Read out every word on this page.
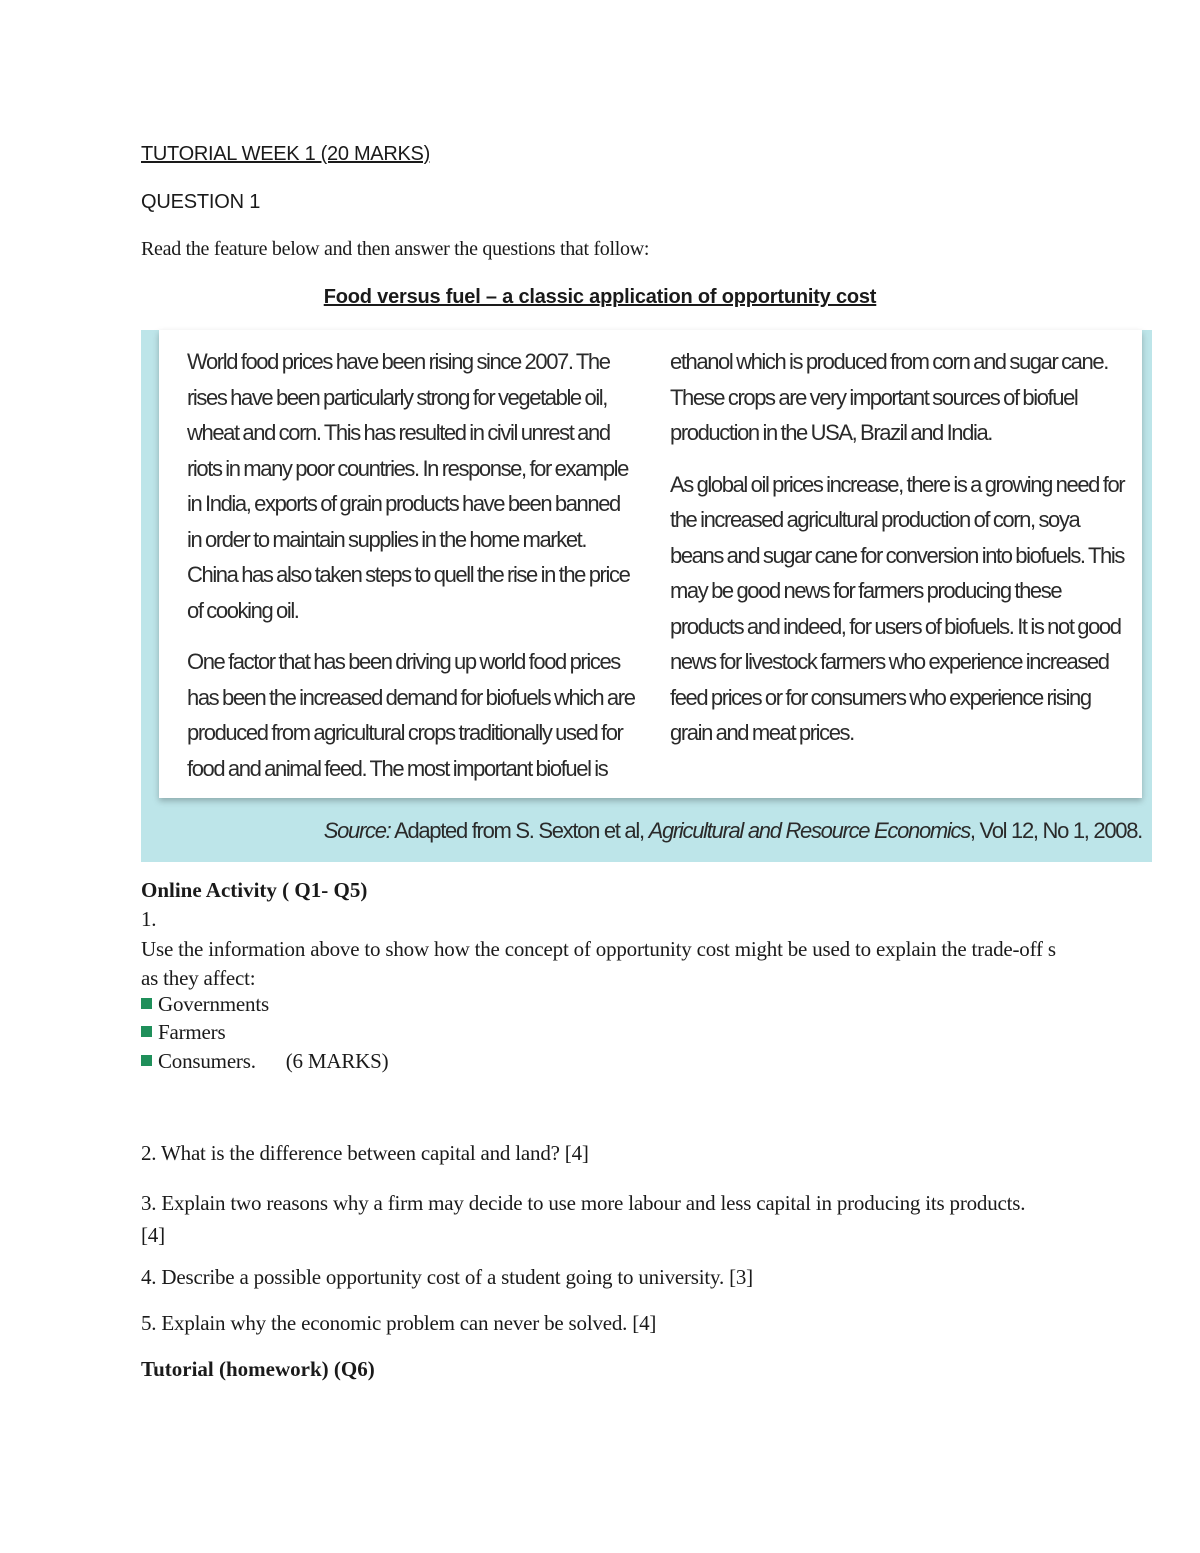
TUTORIAL WEEK 1 (20 MARKS)
QUESTION 1
Read the feature below and then answer the questions that follow:
Food versus fuel – a classic application of opportunity cost

World food prices have been rising since 2007. The rises have been particularly strong for vegetable oil, wheat and corn. This has resulted in civil unrest and riots in many poor countries. In response, for example in India, exports of grain products have been banned in order to maintain supplies in the home market. China has also taken steps to quell the rise in the price of cooking oil.

One factor that has been driving up world food prices has been the increased demand for biofuels which are produced from agricultural crops traditionally used for food and animal feed. The most important biofuel is

ethanol which is produced from corn and sugar cane. These crops are very important sources of biofuel production in the USA, Brazil and India.

As global oil prices increase, there is a growing need for the increased agricultural production of corn, soya beans and sugar cane for conversion into biofuels. This may be good news for farmers producing these products and indeed, for users of biofuels. It is not good news for livestock farmers who experience increased feed prices or for consumers who experience rising grain and meat prices.

Source: Adapted from S. Sexton et al, Agricultural and Resource Economics, Vol 12, No 1, 2008.
Online Activity ( Q1- Q5)
1.
Use the information above to show how the concept of opportunity cost might be used to explain the trade-off s as they affect:
Governments
Farmers
Consumers. (6 MARKS)
2. What is the difference between capital and land? [4]
3. Explain two reasons why a firm may decide to use more labour and less capital in producing its products. [4]
4. Describe a possible opportunity cost of a student going to university. [3]
5. Explain why the economic problem can never be solved. [4]
Tutorial (homework) (Q6)
